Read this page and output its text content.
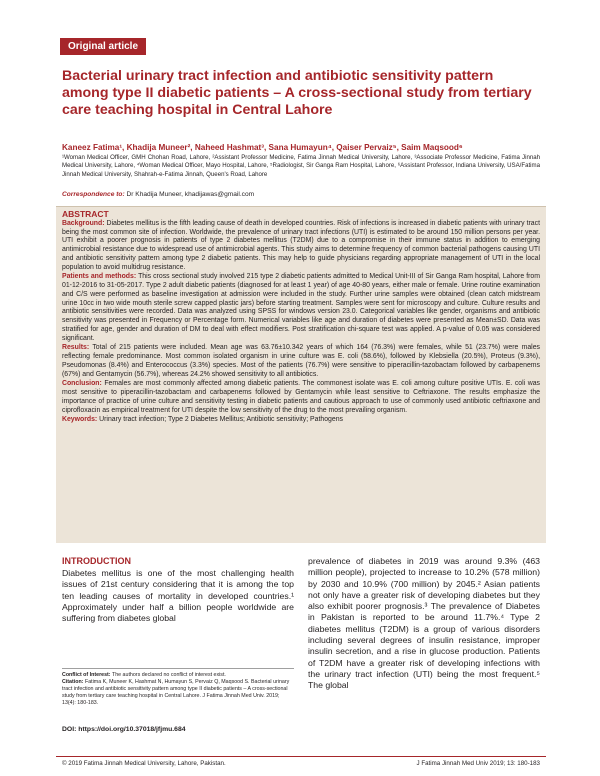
Original article
Bacterial urinary tract infection and antibiotic sensitivity pattern among type II diabetic patients – A cross-sectional study from tertiary care teaching hospital in Central Lahore
Kaneez Fatima¹, Khadija Muneer², Naheed Hashmat³, Sana Humayun⁴, Qaiser Pervaiz⁵, Saim Maqsood⁶
¹Woman Medical Officer, GMH Chohan Road, Lahore, ²Assistant Professor Medicine, Fatima Jinnah Medical University, Lahore, ³Associate Professor Medicine, Fatima Jinnah Medical University, Lahore, ⁴Woman Medical Officer, Mayo Hospital, Lahore, ⁵Radiologist, Sir Ganga Ram Hospital, Lahore, ⁶Assistant Professor, Indiana University, USA/Fatima Jinnah Medical University, Shahrah-e-Fatima Jinnah, Queen's Road, Lahore
Correspondence to: Dr Khadija Muneer, khadijawas@gmail.com
ABSTRACT

Background: Diabetes mellitus is the fifth leading cause of death in developed countries. Risk of infections is increased in diabetic patients with urinary tract being the most common site of infection. Worldwide, the prevalence of urinary tract infections (UTI) is estimated to be around 150 million persons per year. UTI exhibit a poorer prognosis in patients of type 2 diabetes mellitus (T2DM) due to a compromise in their immune status in addition to emerging antimicrobial resistance due to widespread use of antimicrobial agents. This study aims to determine frequency of common bacterial pathogens causing UTI and antibiotic sensitivity pattern among type 2 diabetic patients. This may help to guide physicians regarding appropriate management of UTI in the local population to avoid multidrug resistance.

Patients and methods: This cross sectional study involved 215 type 2 diabetic patients admitted to Medical Unit-III of Sir Ganga Ram hospital, Lahore from 01-12-2016 to 31-05-2017. Type 2 adult diabetic patients (diagnosed for at least 1 year) of age 40-80 years, either male or female. Urine routine examination and C/S were performed as baseline investigation at admission were included in the study. Further urine samples were obtained (clean catch midstream urine 10cc in two wide mouth sterile screw capped plastic jars) before starting treatment. Samples were sent for microscopy and culture. Culture results and antibiotic sensitivities were recorded. Data was analyzed using SPSS for windows version 23.0. Categorical variables like gender, organisms and antibiotic sensitivity was presented in Frequency or Percentage form. Numerical variables like age and duration of diabetes were presented as Mean±SD. Data was stratified for age, gender and duration of DM to deal with effect modifiers. Post stratification chi-square test was applied. A p-value of 0.05 was considered significant.

Results: Total of 215 patients were included. Mean age was 63.76±10.342 years of which 164 (76.3%) were females, while 51 (23.7%) were males reflecting female predominance. Most common isolated organism in urine culture was E. coli (58.6%), followed by Klebsiella (20.5%), Proteus (9.3%), Pseudomonas (8.4%) and Enterococcus (3.3%) species. Most of the patients (76.7%) were sensitive to piperacillin-tazobactam followed by carbapenems (67%) and Gentamycin (56.7%), whereas 24.2% showed sensitivity to all antibiotics.

Conclusion: Females are most commonly affected among diabetic patients. The commonest isolate was E. coli among culture positive UTIs. E. coli was most sensitive to piperacillin-tazobactam and carbapenems followed by Gentamycin while least sensitive to Ceftriaxone. The results emphasize the importance of practice of urine culture and sensitivity testing in diabetic patients and cautious approach to use of commonly used antibiotic ceftriaxone and ciprofloxacin as empirical treatment for UTI despite the low sensitivity of the drug to the most prevailing organism.

Keywords: Urinary tract infection; Type 2 Diabetes Mellitus; Antibiotic sensitivity; Pathogens

INTRODUCTION

Diabetes mellitus is one of the most challenging health issues of 21st century considering that it is among the top ten leading causes of mortality in developed countries.¹ Approximately under half a billion people worldwide are suffering from diabetes global

Conflict of Interest: The authors declared no conflict of interest exist.
Citation: Fatima K, Muneer K, Hashmat N, Humayun S, Pervaiz Q, Maqsood S. Bacterial urinary tract infection and antibiotic sensitivity pattern among type II diabetic patients – A cross-sectional study from tertiary care teaching hospital in Central Lahore. J Fatima Jinnah Med Univ. 2019; 13(4): 180-183.
DOI: https://doi.org/10.37018/jfjmu.684

prevalence of diabetes in 2019 was around 9.3% (463 million people), projected to increase to 10.2% (578 million) by 2030 and 10.9% (700 million) by 2045.² Asian patients not only have a greater risk of developing diabetes but they also exhibit poorer prognosis.³ The prevalence of Diabetes in Pakistan is reported to be around 11.7%.⁴ Type 2 diabetes mellitus (T2DM) is a group of various disorders including several degrees of insulin resistance, improper insulin secretion, and a rise in glucose production. Patients of T2DM have a greater risk of developing infections with the urinary tract infection (UTI) being the most frequent.⁵ The global

© 2019 Fatima Jinnah Medical University, Lahore, Pakistan.	J Fatima Jinnah Med Univ 2019; 13: 180-183
